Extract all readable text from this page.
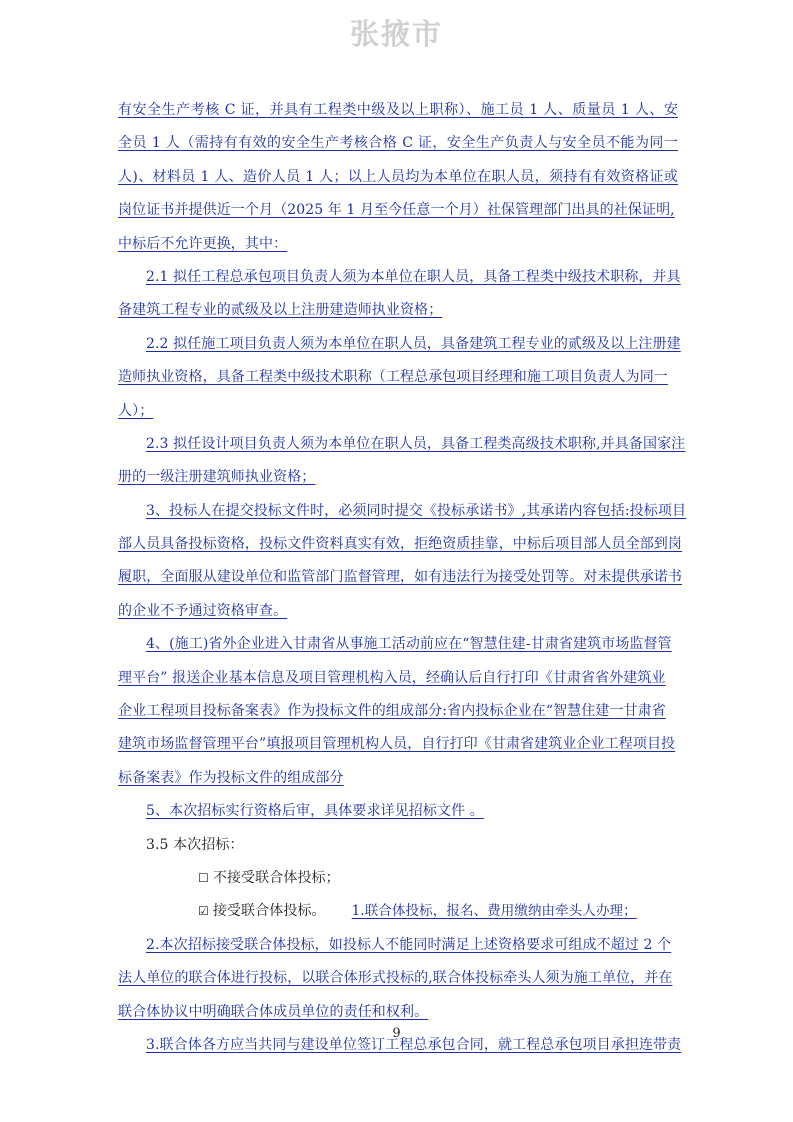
张掖市
有安全生产考核 C 证，并具有工程类中级及以上职称）、施工员 1 人、质量员 1 人、安
全员 1 人（需持有有效的安全生产考核合格 C 证，安全生产负责人与安全员不能为同一
人)、材料员 1 人、造价人员 1 人；以上人员均为本单位在职人员，须持有有效资格证或
岗位证书并提供近一个月（2025 年 1 月至今任意一个月）社保管理部门出具的社保证明,
中标后不允许更换，其中：
2.1 拟任工程总承包项目负责人须为本单位在职人员，具备工程类中级技术职称，并具
备建筑工程专业的贰级及以上注册建造师执业资格；
2.2 拟任施工项目负责人须为本单位在职人员，具备建筑工程专业的贰级及以上注册建
造师执业资格，具备工程类中级技术职称（工程总承包项目经理和施工项目负责人为同一
人）；
2.3 拟任设计项目负责人须为本单位在职人员，具备工程类高级技术职称,并具备国家注
册的一级注册建筑师执业资格；
3、投标人在提交投标文件时，必须同时提交《投标承诺书》,其承诺内容包括:投标项目
部人员具备投标资格，投标文件资料真实有效，拒绝资质挂靠，中标后项目部人员全部到岗
履职，全面服从建设单位和监管部门监督管理，如有违法行为接受处罚等。对未提供承诺书
的企业不予通过资格审查。
4、(施工)省外企业进入甘肃省从事施工活动前应在“智慧住建-甘肃省建筑市场监督管
理平台” 报送企业基本信息及项目管理机构入员，经确认后自行打印《甘肃省省外建筑业
企业工程项目投标备案表》作为投标文件的组成部分:省内投标企业在“智慧住建一甘肃省
建筑市场监督管理平台”填报项目管理机构人员，自行打印《甘肃省建筑业企业工程项目投
标备案表》作为投标文件的组成部分
5、本次招标实行资格后审，具体要求详见招标文件 。
3.5 本次招标：
☐ 不接受联合体投标；
☑ 接受联合体投标。 1.联合体投标，报名、费用缴纳由牵头人办理；
2.本次招标接受联合体投标，如投标人不能同时满足上述资格要求可组成不超过 2 个
法人单位的联合体进行投标，以联合体形式投标的,联合体投标牵头人须为施工单位，并在
联合体协议中明确联合体成员单位的责任和权利。
3.联合体各方应当共同与建设单位签订工程总承包合同，就工程总承包项目承担连带责
9
